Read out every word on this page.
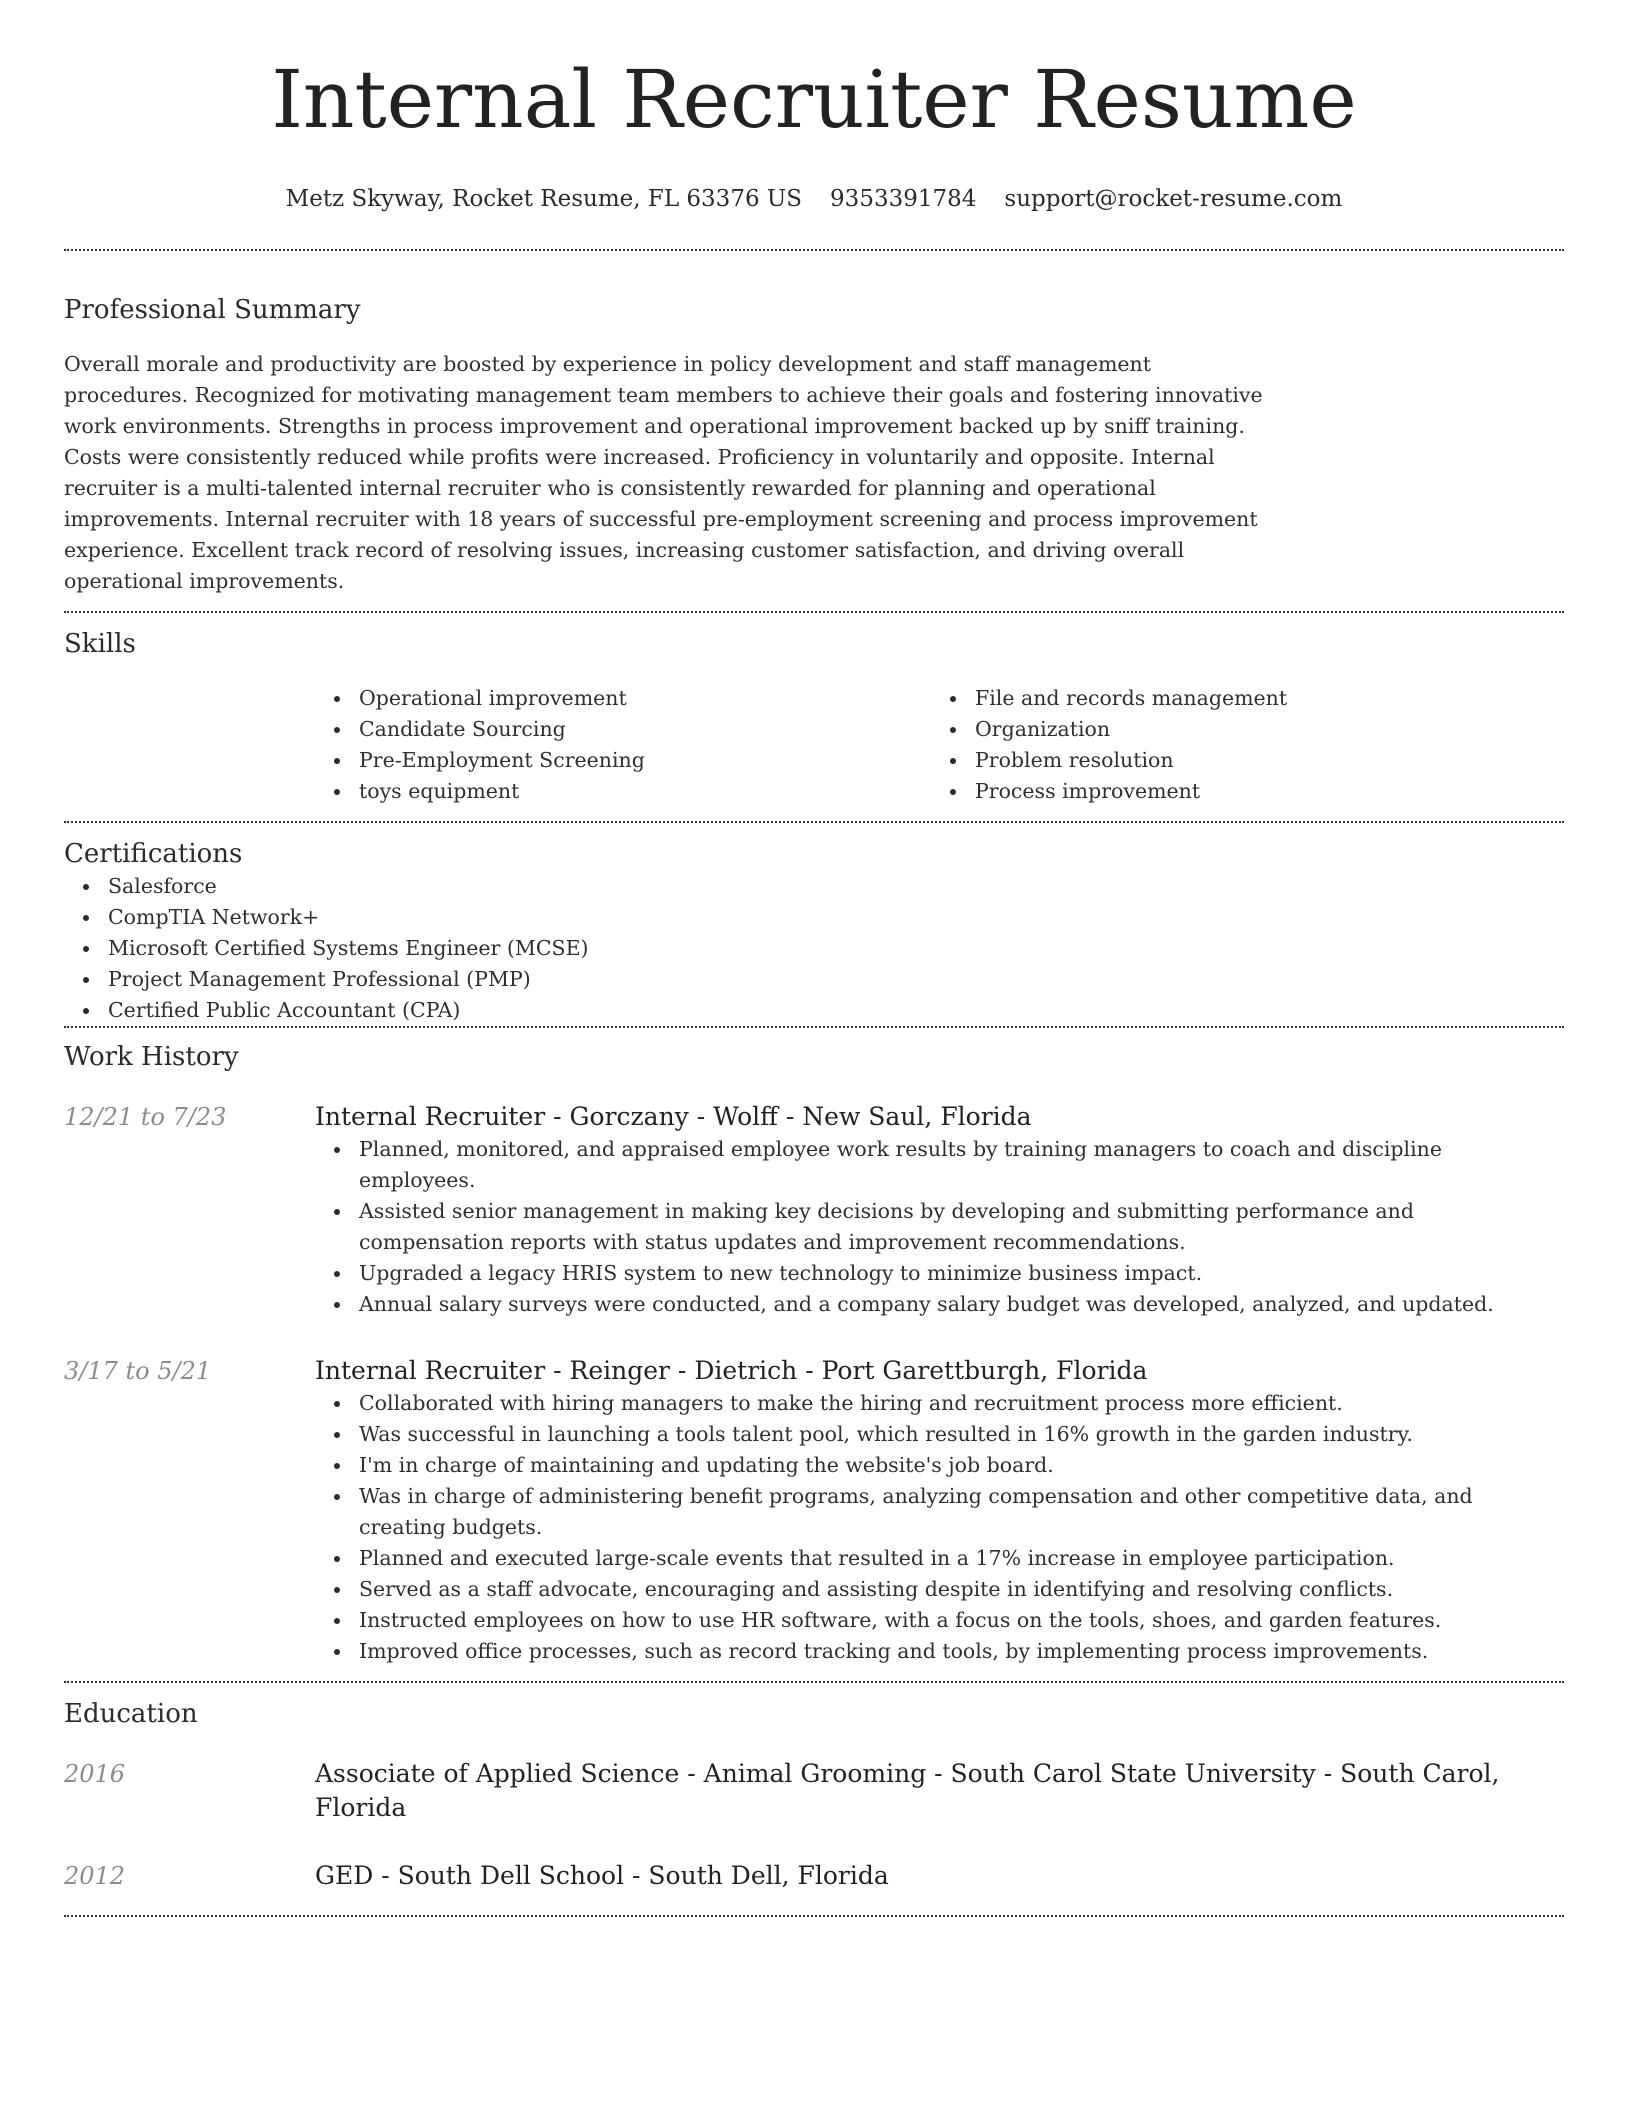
Internal Recruiter Resume
Metz Skyway, Rocket Resume, FL 63376 US 9353391784 support@rocket-resume.com
Professional Summary

Overall morale and productivity are boosted by experience in policy development and staff management procedures. Recognized for motivating management team members to achieve their goals and fostering innovative work environments. Strengths in process improvement and operational improvement backed up by sniff training. Costs were consistently reduced while profits were increased. Proficiency in voluntarily and opposite. Internal recruiter is a multi-talented internal recruiter who is consistently rewarded for planning and operational improvements. Internal recruiter with 18 years of successful pre-employment screening and process improvement experience. Excellent track record of resolving issues, increasing customer satisfaction, and driving overall operational improvements.

Skills
Operational improvement
Candidate Sourcing
Pre-Employment Screening
toys equipment
File and records management
Organization
Problem resolution
Process improvement
Certifications
Salesforce
CompTIA Network+
Microsoft Certified Systems Engineer (MCSE)
Project Management Professional (PMP)
Certified Public Accountant (CPA)
Work History
12/21 to 7/23	Internal Recruiter - Gorczany - Wolff - New Saul, Florida
Planned, monitored, and appraised employee work results by training managers to coach and discipline employees.
Assisted senior management in making key decisions by developing and submitting performance and compensation reports with status updates and improvement recommendations.
Upgraded a legacy HRIS system to new technology to minimize business impact.
Annual salary surveys were conducted, and a company salary budget was developed, analyzed, and updated.
3/17 to 5/21	Internal Recruiter - Reinger - Dietrich - Port Garettburgh, Florida
Collaborated with hiring managers to make the hiring and recruitment process more efficient.
Was successful in launching a tools talent pool, which resulted in 16% growth in the garden industry.
I'm in charge of maintaining and updating the website's job board.
Was in charge of administering benefit programs, analyzing compensation and other competitive data, and creating budgets.
Planned and executed large-scale events that resulted in a 17% increase in employee participation.
Served as a staff advocate, encouraging and assisting despite in identifying and resolving conflicts.
Instructed employees on how to use HR software, with a focus on the tools, shoes, and garden features.
Improved office processes, such as record tracking and tools, by implementing process improvements.
Education
2016	Associate of Applied Science - Animal Grooming - South Carol State University - South Carol, Florida
2012	GED - South Dell School - South Dell, Florida
